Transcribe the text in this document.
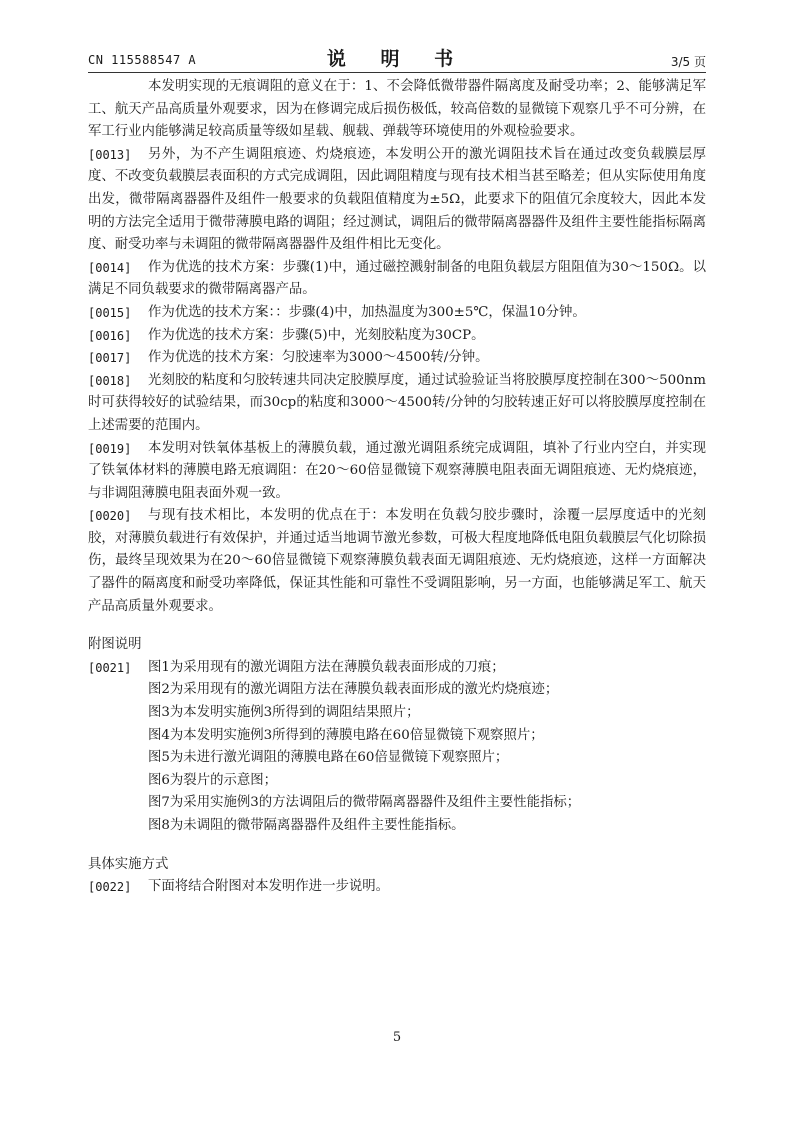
CN 115588547 A	说 明 书	3/5 页

本发明实现的无痕调阻的意义在于：1、不会降低微带器件隔离度及耐受功率；2、能够满足军工、航天产品高质量外观要求，因为在修调完成后损伤极低，较高倍数的显微镜下观察几乎不可分辨，在军工行业内能够满足较高质量等级如星载、舰载、弹载等环境使用的外观检验要求。

[0013]	另外，为不产生调阻痕迹、灼烧痕迹，本发明公开的激光调阻技术旨在通过改变负载膜层厚度、不改变负载膜层表面积的方式完成调阻，因此调阻精度与现有技术相当甚至略差；但从实际使用角度出发，微带隔离器器件及组件一般要求的负载阻值精度为±5Ω，此要求下的阻值冗余度较大，因此本发明的方法完全适用于微带薄膜电路的调阻；经过测试，调阻后的微带隔离器器件及组件主要性能指标隔离度、耐受功率与未调阻的微带隔离器器件及组件相比无变化。
[0014]	作为优选的技术方案：步骤(1)中，通过磁控溅射制备的电阻负载层方阻阻值为30～150Ω。以满足不同负载要求的微带隔离器产品。
[0015]	作为优选的技术方案：：步骤(4)中，加热温度为300±5℃，保温10分钟。
[0016]	作为优选的技术方案：步骤(5)中，光刻胶粘度为30CP。
[0017]	作为优选的技术方案：匀胶速率为3000～4500转/分钟。
[0018]	光刻胶的粘度和匀胶转速共同决定胶膜厚度，通过试验验证当将胶膜厚度控制在300～500nm时可获得较好的试验结果，而30cp的粘度和3000～4500转/分钟的匀胶转速正好可以将胶膜厚度控制在上述需要的范围内。
[0019]	本发明对铁氧体基板上的薄膜负载，通过激光调阻系统完成调阻，填补了行业内空白，并实现了铁氧体材料的薄膜电路无痕调阻：在20～60倍显微镜下观察薄膜电阻表面无调阻痕迹、无灼烧痕迹，与非调阻薄膜电阻表面外观一致。
[0020]	与现有技术相比，本发明的优点在于：本发明在负载匀胶步骤时，涂覆一层厚度适中的光刻胶，对薄膜负载进行有效保护，并通过适当地调节激光参数，可极大程度地降低电阻负载膜层气化切除损伤，最终呈现效果为在20～60倍显微镜下观察薄膜负载表面无调阻痕迹、无灼烧痕迹，这样一方面解决了器件的隔离度和耐受功率降低，保证其性能和可靠性不受调阻影响，另一方面，也能够满足军工、航天产品高质量外观要求。
附图说明
[0021]	图1为采用现有的激光调阻方法在薄膜负载表面形成的刀痕；
图2为采用现有的激光调阻方法在薄膜负载表面形成的激光灼烧痕迹；
图3为本发明实施例3所得到的调阻结果照片；
图4为本发明实施例3所得到的薄膜电路在60倍显微镜下观察照片；
图5为未进行激光调阻的薄膜电路在60倍显微镜下观察照片；
图6为裂片的示意图；
图7为采用实施例3的方法调阻后的微带隔离器器件及组件主要性能指标；
图8为未调阻的微带隔离器器件及组件主要性能指标。
具体实施方式
[0022]	下面将结合附图对本发明作进一步说明。
5
